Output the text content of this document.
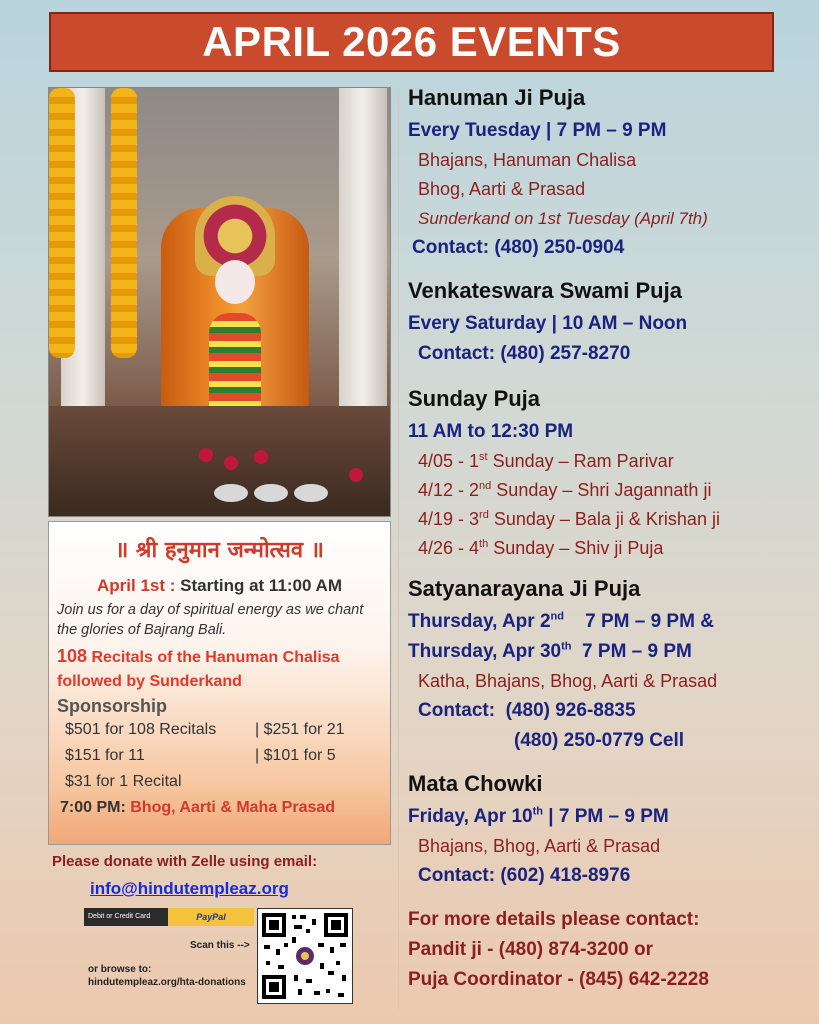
APRIL 2026 EVENTS
॥ श्री हनुमान जन्मोत्सव ॥
April 1st : Starting at 11:00 AM
Join us for a day of spiritual energy as we chant the glories of Bajrang Bali.
108 Recitals of the Hanuman Chalisa followed by Sunderkand
Sponsorship
$501 for 108 Recitals	| $251 for 21
$151 for 11	| $101 for 5
$31 for 1 Recital
7:00 PM: Bhog, Aarti & Maha Prasad
Please donate with Zelle using email:
info@hindutempleaz.org
Debit or Credit Card	PayPal
Scan this -->
or browse to:
hindutempleaz.org/hta-donations
Hanuman Ji Puja
Every Tuesday | 7 PM – 9 PM
Bhajans, Hanuman Chalisa
Bhog, Aarti & Prasad
Sunderkand on 1st Tuesday (April 7th)
Contact: (480) 250-0904
Venkateswara Swami Puja
Every Saturday | 10 AM – Noon
Contact: (480) 257-8270
Sunday Puja
11 AM to 12:30 PM
4/05 - 1st Sunday – Ram Parivar
4/12 - 2nd Sunday – Shri Jagannath ji
4/19 - 3rd Sunday – Bala ji & Krishan ji
4/26 - 4th Sunday – Shiv ji Puja
Satyanarayana Ji Puja
Thursday, Apr 2nd    7 PM – 9 PM &
Thursday, Apr 30th  7 PM – 9 PM
Katha, Bhajans, Bhog, Aarti & Prasad
Contact:  (480) 926-8835
(480) 250-0779 Cell
Mata Chowki
Friday, Apr 10th | 7 PM – 9 PM
Bhajans, Bhog, Aarti & Prasad
Contact: (602) 418-8976
For more details please contact:
Pandit ji - (480) 874-3200 or
Puja Coordinator - (845) 642-2228
